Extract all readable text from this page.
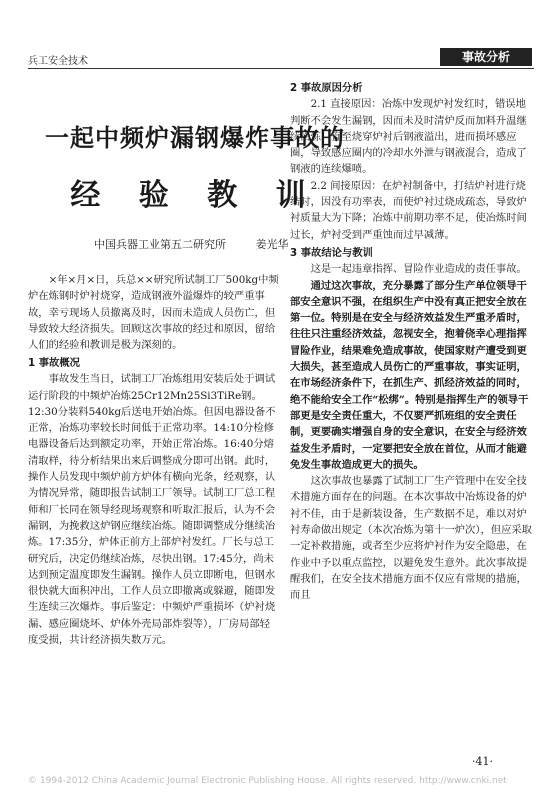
兵工安全技术	事故分析
一起中频炉漏钢爆炸事故的
经 验 教 训
中国兵器工业第五二研究所	姜光华

×年×月×日，兵总××研究所试制工厂500kg中频炉在炼钢时炉衬烧穿，造成钢液外溢爆炸的较严重事故，幸亏现场人员撤离及时，因而未造成人员伤亡，但导致较大经济损失。回顾这次事故的经过和原因，留给人们的经验和教训是极为深刻的。

1 事故概况

事故发生当日，试制工厂冶炼组用安装后处于调试运行阶段的中频炉冶炼25Cr12Mn25Si3TiRe钢。12:30分装料540kg后送电开始冶炼。但因电器设备不正常，冶炼功率较长时间低于正常功率。14:10分检修电器设备后达到额定功率，开始正常冶炼。16:40分熔清取样，待分析结果出来后调整成分即可出钢。此时，操作人员发现中频炉前方炉体有横向光条，经观察，认为情况异常，随即报告试制工厂领导。试制工厂总工程师和厂长同在领导经现场观察和听取汇报后，认为不会漏钢，为挽救这炉钢应继续冶炼。随即调整成分继续冶炼。17:35分，炉体正前方上部炉衬发红。厂长与总工研究后，决定仍继续冶炼，尽快出钢。17:45分，尚未达到预定温度即发生漏钢。操作人员立即断电，但钢水很快就大面积冲出，工作人员立即撤离或躲避，随即发生连续三次爆炸。事后鉴定：中频炉严重损坏（炉衬烧漏、感应圈烧坏、炉体外壳局部炸裂等），厂房局部轻度受损，共计经济损失数万元。

2 事故原因分析

2.1 直接原因：冶炼中发现炉衬发红时，错误地判断不会发生漏钢，因而未及时清炉反而加料升温继续冶炼，直至烧穿炉衬后钢液溢出，进而损坏感应圈，导致感应圈内的冷却水外泄与钢液混合，造成了钢液的连续爆喷。

2.2 间接原因：在炉衬制备中，打结炉衬进行烧结时，因没有功率表，而使炉衬过烧成疏态，导致炉衬质量大为下降；冶炼中前期功率不足，使冶炼时间过长，炉衬受到严重蚀而过早减薄。

3 事故结论与教训

这是一起违章指挥、冒险作业造成的责任事故。

通过这次事故，充分暴露了部分生产单位领导干部安全意识不强，在组织生产中没有真正把安全放在第一位。特别是在安全与经济效益发生严重矛盾时，往往只注重经济效益，忽视安全，抱着侥幸心理指挥冒险作业，结果难免造成事故，使国家财产遭受到更大损失，甚至造成人员伤亡的严重事故，事实证明，在市场经济条件下，在抓生产、抓经济效益的同时，绝不能给安全工作“松绑”。特别是指挥生产的领导干部更是安全责任重大，不仅要严抓班组的安全责任制，更要确实增强自身的安全意识，在安全与经济效益发生矛盾时，一定要把安全放在首位，从而才能避免发生事故造成更大的损失。

这次事故也暴露了试制工厂生产管理中在安全技术措施方面存在的问题。在本次事故中冶炼设备的炉衬不佳，由于是新装设备，生产数据不足，难以对炉衬寿命做出规定（本次冶炼为第十一炉次），但应采取一定补救措施，或者至少应将炉衬作为安全隐患，在作业中予以重点监控，以避免发生意外。此次事故提醒我们，在安全技术措施方面不仅应有常规的措施，而且

·41·
© 1994-2012 China Academic Journal Electronic Publishing House. All rights reserved. http://www.cnki.net
